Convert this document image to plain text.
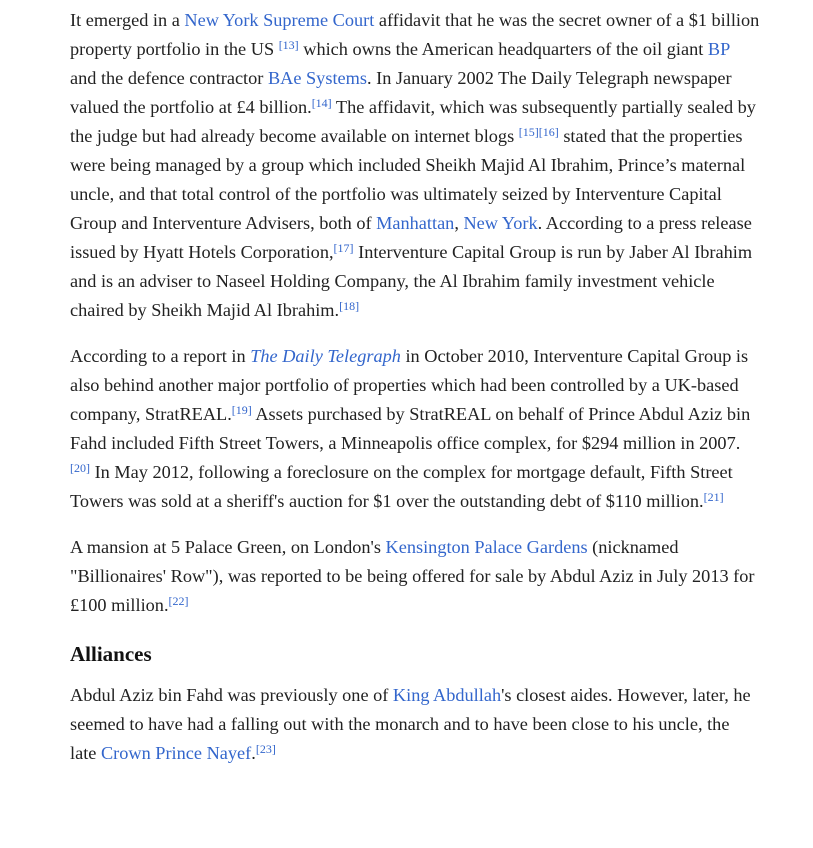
It emerged in a New York Supreme Court affidavit that he was the secret owner of a $1 billion property portfolio in the US [13] which owns the American headquarters of the oil giant BP and the defence contractor BAe Systems. In January 2002 The Daily Telegraph newspaper valued the portfolio at £4 billion.[14] The affidavit, which was subsequently partially sealed by the judge but had already become available on internet blogs [15][16] stated that the properties were being managed by a group which included Sheikh Majid Al Ibrahim, Prince’s maternal uncle, and that total control of the portfolio was ultimately seized by Interventure Capital Group and Interventure Advisers, both of Manhattan, New York. According to a press release issued by Hyatt Hotels Corporation,[17] Interventure Capital Group is run by Jaber Al Ibrahim and is an adviser to Naseel Holding Company, the Al Ibrahim family investment vehicle chaired by Sheikh Majid Al Ibrahim.[18]

According to a report in The Daily Telegraph in October 2010, Interventure Capital Group is also behind another major portfolio of properties which had been controlled by a UK-based company, StratREAL.[19] Assets purchased by StratREAL on behalf of Prince Abdul Aziz bin Fahd included Fifth Street Towers, a Minneapolis office complex, for $294 million in 2007.[20] In May 2012, following a foreclosure on the complex for mortgage default, Fifth Street Towers was sold at a sheriff's auction for $1 over the outstanding debt of $110 million.[21]

A mansion at 5 Palace Green, on London's Kensington Palace Gardens (nicknamed "Billionaires' Row"), was reported to be being offered for sale by Abdul Aziz in July 2013 for £100 million.[22]

Alliances

Abdul Aziz bin Fahd was previously one of King Abdullah's closest aides. However, later, he seemed to have had a falling out with the monarch and to have been close to his uncle, the late Crown Prince Nayef.[23]
